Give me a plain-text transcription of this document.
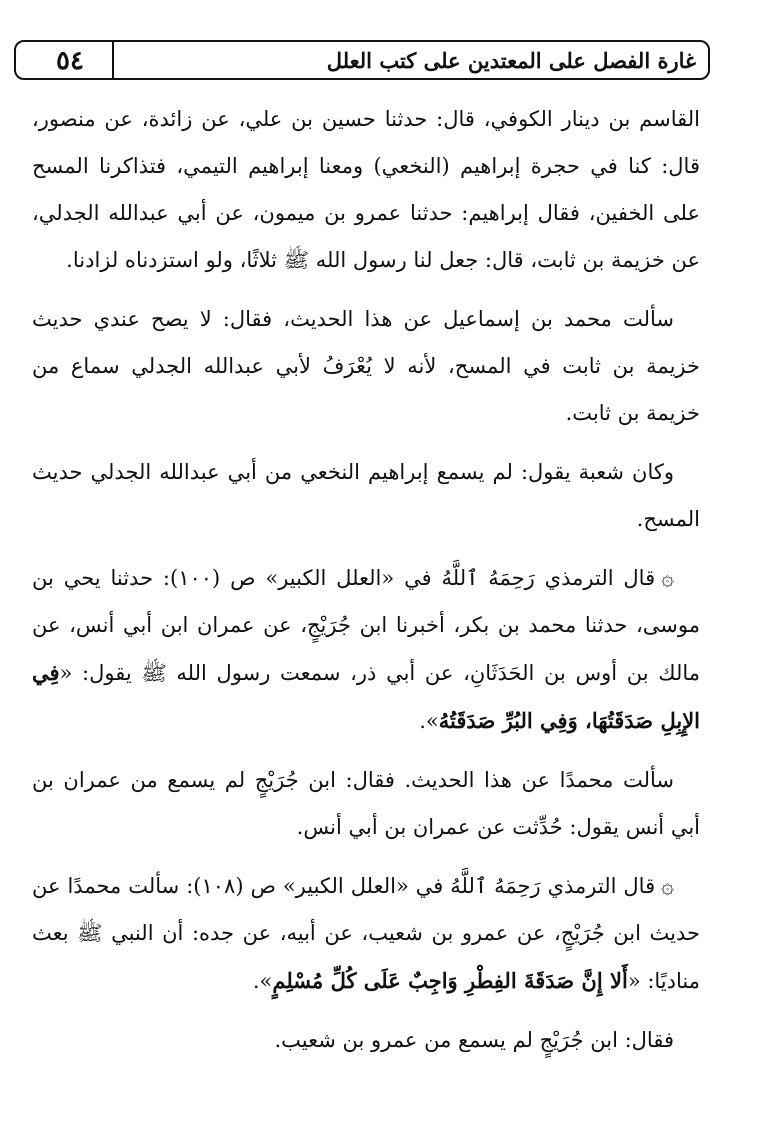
٥٤	غارة الفصل على المعتدين على كتب العلل

القاسم بن دينار الكوفي، قال: حدثنا حسين بن علي، عن زائدة، عن منصور، قال: كنا في حجرة إبراهيم (النخعي) ومعنا إبراهيم التيمي، فتذاكرنا المسح على الخفين، فقال إبراهيم: حدثنا عمرو بن ميمون، عن أبي عبدالله الجدلي، عن خزيمة بن ثابت، قال: جعل لنا رسول الله ﷺ ثلاثًا، ولو استزدناه لزادنا.

سألت محمد بن إسماعيل عن هذا الحديث، فقال: لا يصح عندي حديث خزيمة بن ثابت في المسح، لأنه لا يُعْرَفُ لأبي عبدالله الجدلي سماع من خزيمة بن ثابت.

وكان شعبة يقول: لم يسمع إبراهيم النخعي من أبي عبدالله الجدلي حديث المسح.

۞قال الترمذي رَحِمَهُ ٱللَّهُ في «العلل الكبير» ص (١٠٠): حدثنا يحي بن موسى، حدثنا محمد بن بكر، أخبرنا ابن جُرَيْجٍ، عن عمران ابن أبي أنس، عن مالك بن أوس بن الحَدَثَانِ، عن أبي ذر، سمعت رسول الله ﷺ يقول: «فِي الإِبِلِ صَدَقَتُهَا، وَفِي البُرِّ صَدَقَتُهُ».

سألت محمدًا عن هذا الحديث. فقال: ابن جُرَيْجٍ لم يسمع من عمران بن أبي أنس يقول: حُدِّثت عن عمران بن أبي أنس.

۞قال الترمذي رَحِمَهُ ٱللَّهُ في «العلل الكبير» ص (١٠٨): سألت محمدًا عن حديث ابن جُرَيْجٍ، عن عمرو بن شعيب، عن أبيه، عن جده: أن النبي ﷺ بعث مناديًا: «أَلا إِنَّ صَدَقَةَ الفِطْرِ وَاجِبٌ عَلَى كُلِّ مُسْلِمٍ».

فقال: ابن جُرَيْجٍ لم يسمع من عمرو بن شعيب.
